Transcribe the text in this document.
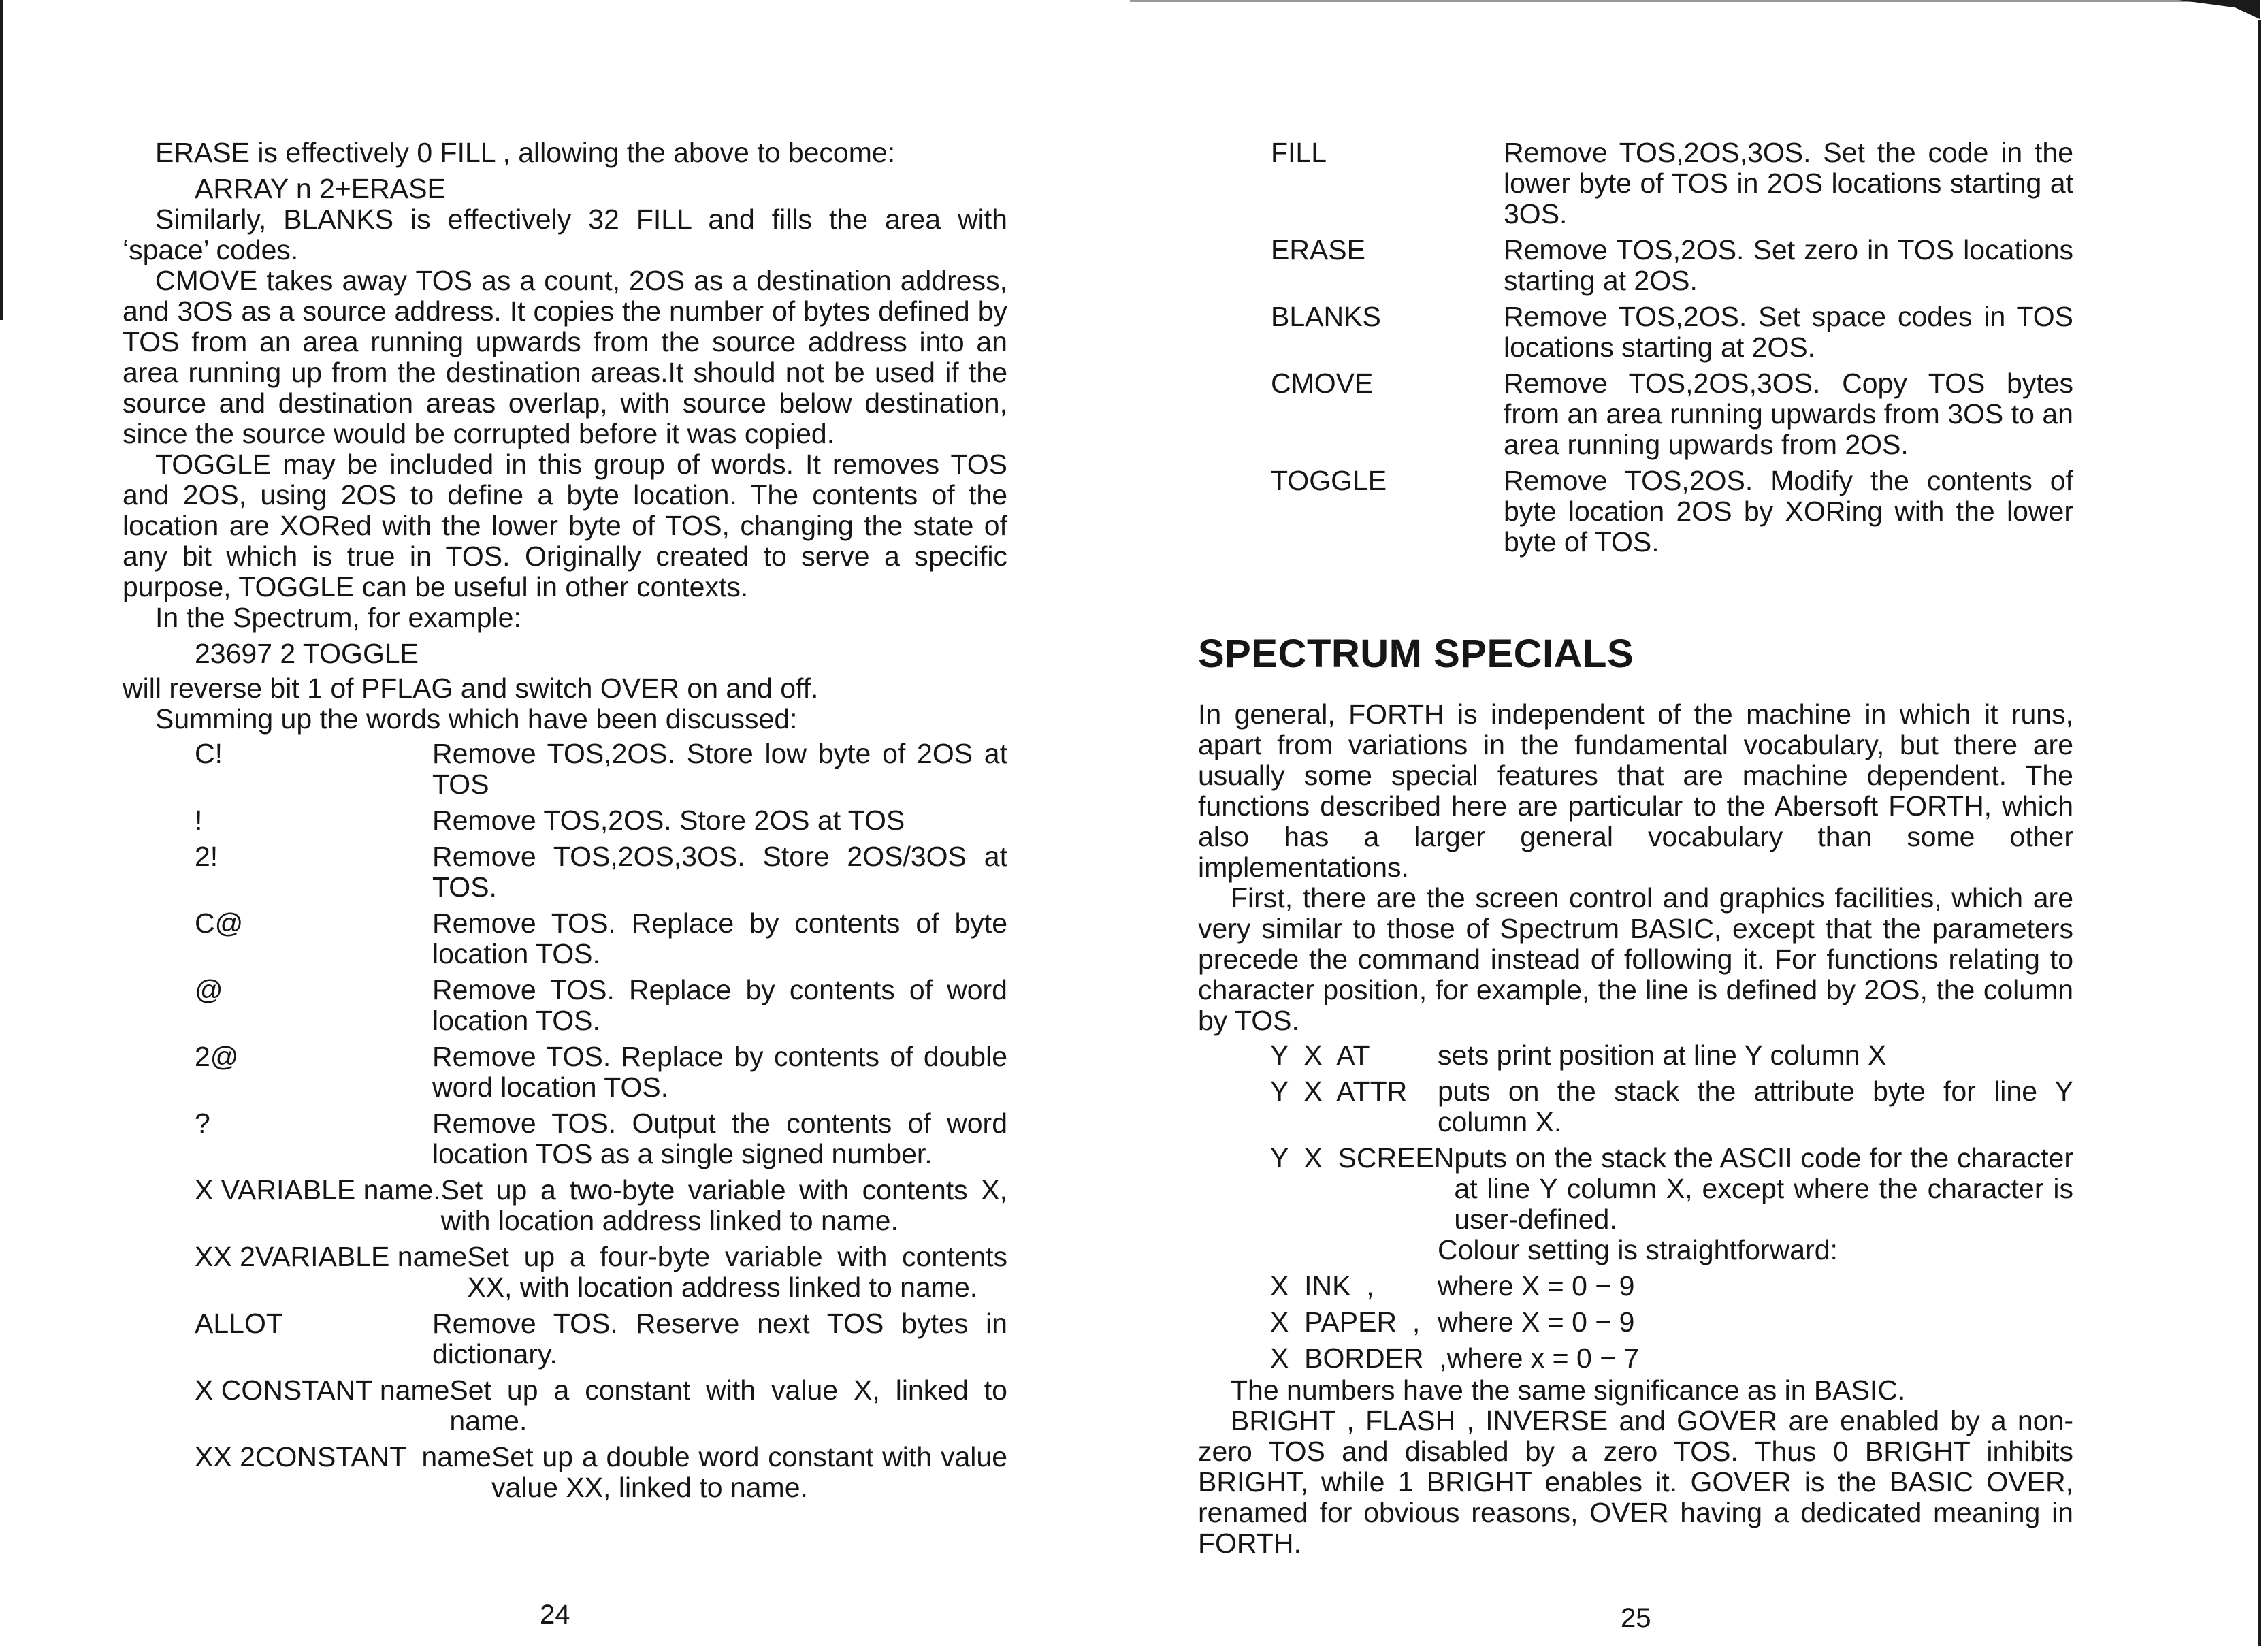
ERASE is effectively 0 FILL , allowing the above to become:

ARRAY n 2+ERASE

Similarly, BLANKS is effectively 32 FILL and fills the area with ‘space’ codes.

CMOVE takes away TOS as a count, 2OS as a destination address, and 3OS as a source address. It copies the number of bytes defined by TOS from an area running upwards from the source address into an area running up from the destination areas.It should not be used if the source and destination areas overlap, with source below destination, since the source would be corrupted before it was copied.

TOGGLE may be included in this group of words. It removes TOS and 2OS, using 2OS to define a byte location. The contents of the location are XORed with the lower byte of TOS, changing the state of any bit which is true in TOS. Originally created to serve a specific purpose, TOGGLE can be useful in other contexts.

In the Spectrum, for example:

23697 2 TOGGLE

will reverse bit 1 of PFLAG and switch OVER on and off.

Summing up the words which have been discussed:

C!	Remove TOS,2OS. Store low byte of 2OS at TOS
!	Remove TOS,2OS. Store 2OS at TOS
2!	Remove TOS,2OS,3OS. Store 2OS/3OS at TOS.
C@	Remove TOS. Replace by contents of byte location TOS.
@	Remove TOS. Replace by contents of word location TOS.
2@	Remove TOS. Replace by contents of double word location TOS.
?	Remove TOS. Output the contents of word location TOS as a single signed number.
X VARIABLE name. Set up a two-byte variable with contents X, with location address linked to name.
XX 2VARIABLE name Set up a four-byte variable with contents XX, with location address linked to name.
ALLOT	Remove TOS. Reserve next TOS bytes in dictionary.
X CONSTANT name Set up a constant with value X, linked to name.
XX 2CONSTANT  name Set up a double word constant with value value XX, linked to name.
24
FILL	Remove TOS,2OS,3OS. Set the code in the lower byte of TOS in 2OS locations starting at 3OS.
ERASE	Remove TOS,2OS. Set zero in TOS locations starting at 2OS.
BLANKS	Remove TOS,2OS. Set space codes in TOS locations starting at 2OS.
CMOVE	Remove TOS,2OS,3OS. Copy TOS bytes from an area running upwards from 3OS to an area running upwards from 2OS.
TOGGLE	Remove TOS,2OS. Modify the contents of byte location 2OS by XORing with the lower byte of TOS.
SPECTRUM SPECIALS

In general, FORTH is independent of the machine in which it runs, apart from variations in the fundamental vocabulary, but there are usually some special features that are machine dependent. The functions described here are particular to the Abersoft FORTH, which also has a larger general vocabulary than some other implementations.

First, there are the screen control and graphics facilities, which are very similar to those of Spectrum BASIC, except that the parameters precede the command instead of following it. For functions relating to character position, for example, the line is defined by 2OS, the column by TOS.

Y  X  AT	sets print position at line Y column X
Y  X  ATTR	puts on the stack the attribute byte for line Y column X.
Y  X  SCREEN puts on the stack the ASCII code for the character at line Y column X, except where the character is user-defined.
Colour setting is straightforward:
X  INK  ,	where X = 0 − 9
X  PAPER  , where X = 0 − 9
X  BORDER  , where x = 0 − 7

The numbers have the same significance as in BASIC.

BRIGHT , FLASH , INVERSE and GOVER are enabled by a non-zero TOS and disabled by a zero TOS. Thus 0 BRIGHT inhibits BRIGHT, while 1 BRIGHT enables it. GOVER is the BASIC OVER, renamed for obvious reasons, OVER having a dedicated meaning in FORTH.

25
